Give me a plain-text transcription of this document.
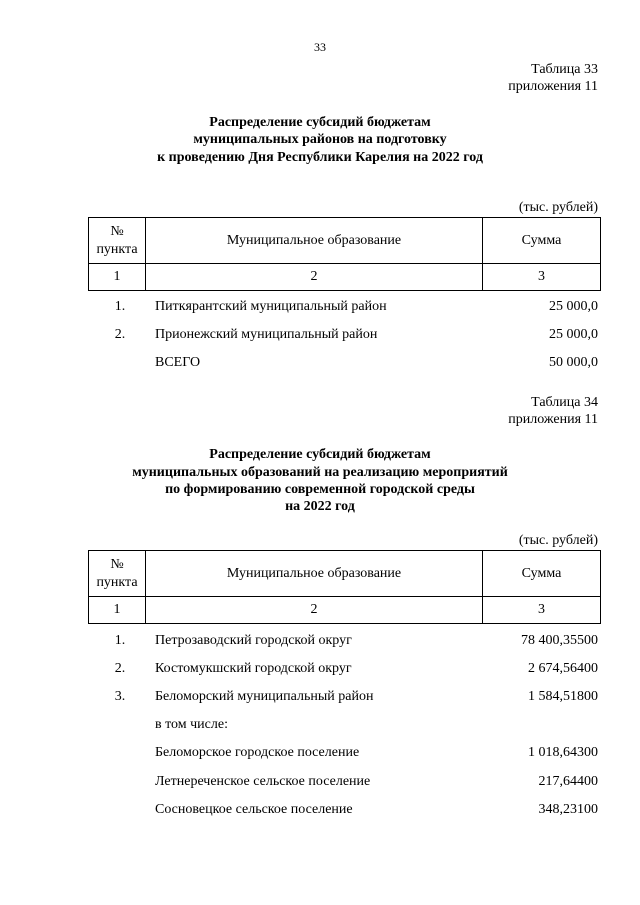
33
Таблица 33
приложения 11
Распределение субсидий бюджетам
муниципальных районов на подготовку
к проведению Дня Республики Карелия на 2022 год
(тыс. рублей)
№
пункта	Муниципальное образование	Сумма
1	2	3
1.	Питкярантский муниципальный район	25 000,0
2.	Прионежский муниципальный район	25 000,0
ВСЕГО	50 000,0
Таблица 34
приложения 11
Распределение субсидий бюджетам
муниципальных образований на реализацию мероприятий
по формированию современной городской среды
на 2022 год
(тыс. рублей)
№
пункта	Муниципальное образование	Сумма
1	2	3
1.	Петрозаводский городской округ	78 400,35500
2.	Костомукшский городской округ	2 674,56400
3.	Беломорский муниципальный район	1 584,51800
в том числе:
Беломорское городское поселение	1 018,64300
Летнереченское сельское поселение	217,64400
Сосновецкое сельское поселение	348,23100
